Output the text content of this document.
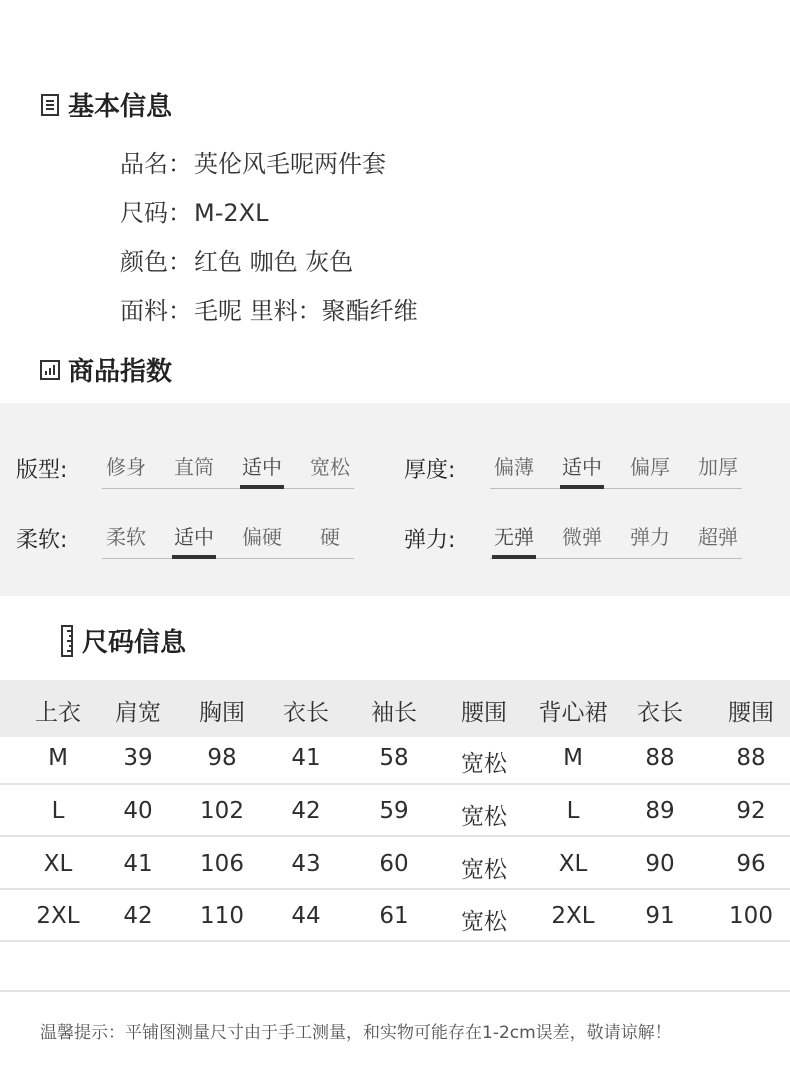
基本信息
品名：英伦风毛呢两件套
尺码：M-2XL
颜色：红色 咖色 灰色
面料：毛呢 里料：聚酯纤维
商品指数
版型:	修身	直筒	适中	宽松	厚度:	偏薄	适中	偏厚	加厚
柔软:	柔软	适中	偏硬	硬	弹力:	无弹	微弹	弹力	超弹
尺码信息
上衣	肩宽	胸围	衣长	袖长	腰围	背心裙	衣长	腰围
M	39	98	41	58	宽松	M	88	88
L	40	102	42	59	宽松	L	89	92
XL	41	106	43	60	宽松	XL	90	96
2XL	42	110	44	61	宽松	2XL	91	100
温馨提示：平铺图测量尺寸由于手工测量，和实物可能存在1-2cm误差，敬请谅解！
